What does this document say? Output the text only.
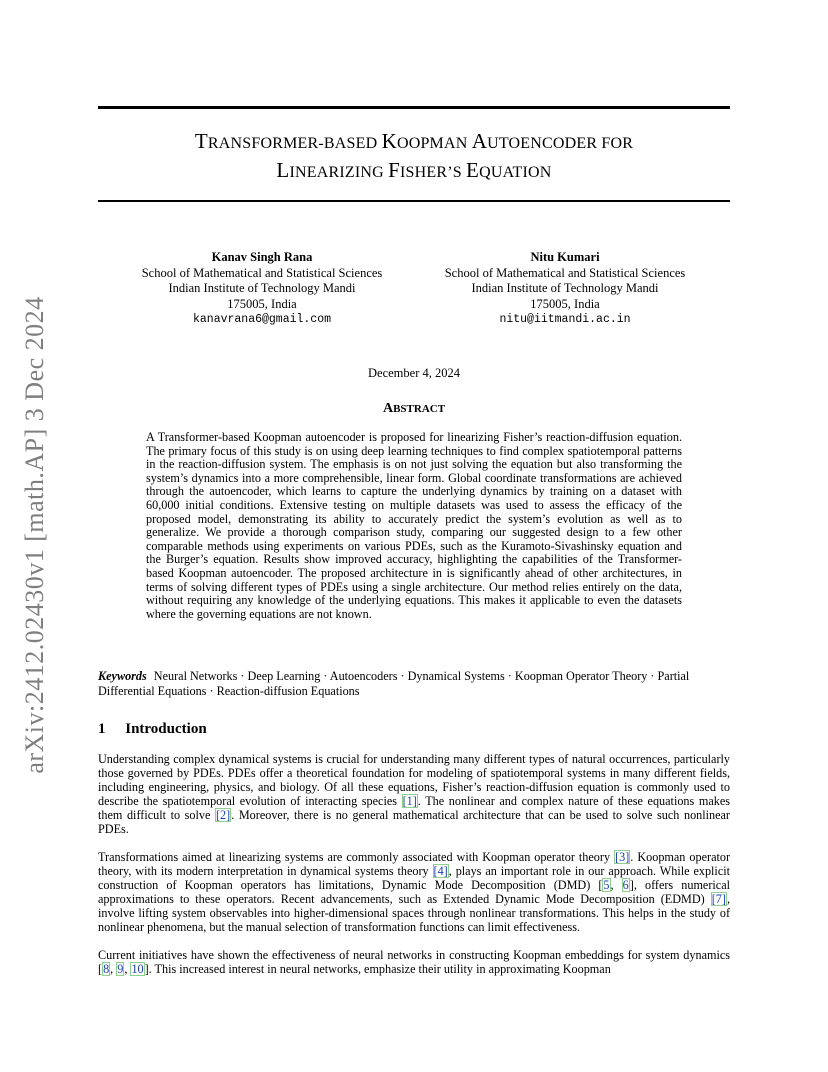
arXiv:2412.02430v1 [math.AP] 3 Dec 2024
TRANSFORMER-BASED KOOPMAN AUTOENCODER FOR
LINEARIZING FISHER’S EQUATION
Kanav Singh Rana
School of Mathematical and Statistical Sciences
Indian Institute of Technology Mandi
175005, India
kanavrana6@gmail.com
Nitu Kumari
School of Mathematical and Statistical Sciences
Indian Institute of Technology Mandi
175005, India
nitu@iitmandi.ac.in
December 4, 2024
ABSTRACT
A Transformer-based Koopman autoencoder is proposed for linearizing Fisher’s reaction-diffusion equation. The primary focus of this study is on using deep learning techniques to find complex spatiotemporal patterns in the reaction-diffusion system. The emphasis is on not just solving the equation but also transforming the system’s dynamics into a more comprehensible, linear form. Global coordinate transformations are achieved through the autoencoder, which learns to capture the underlying dynamics by training on a dataset with 60,000 initial conditions. Extensive testing on multiple datasets was used to assess the efficacy of the proposed model, demonstrating its ability to accurately predict the system’s evolution as well as to generalize. We provide a thorough comparison study, comparing our suggested design to a few other comparable methods using experiments on various PDEs, such as the Kuramoto-Sivashinsky equation and the Burger’s equation. Results show improved accuracy, highlighting the capabilities of the Transformer-based Koopman autoencoder. The proposed architecture in is significantly ahead of other architectures, in terms of solving different types of PDEs using a single architecture. Our method relies entirely on the data, without requiring any knowledge of the underlying equations. This makes it applicable to even the datasets where the governing equations are not known.
Keywords Neural Networks · Deep Learning · Autoencoders · Dynamical Systems · Koopman Operator Theory · Partial Differential Equations · Reaction-diffusion Equations
1 Introduction
Understanding complex dynamical systems is crucial for understanding many different types of natural occurrences, particularly those governed by PDEs. PDEs offer a theoretical foundation for modeling of spatiotemporal systems in many different fields, including engineering, physics, and biology. Of all these equations, Fisher’s reaction-diffusion equation is commonly used to describe the spatiotemporal evolution of interacting species [1]. The nonlinear and complex nature of these equations makes them difficult to solve [2]. Moreover, there is no general mathematical architecture that can be used to solve such nonlinear PDEs.
Transformations aimed at linearizing systems are commonly associated with Koopman operator theory [3]. Koopman operator theory, with its modern interpretation in dynamical systems theory [4], plays an important role in our approach. While explicit construction of Koopman operators has limitations, Dynamic Mode Decomposition (DMD) [5, 6], offers numerical approximations to these operators. Recent advancements, such as Extended Dynamic Mode Decomposition (EDMD) [7], involve lifting system observables into higher-dimensional spaces through nonlinear transformations. This helps in the study of nonlinear phenomena, but the manual selection of transformation functions can limit effectiveness.
Current initiatives have shown the effectiveness of neural networks in constructing Koopman embeddings for system dynamics [8, 9, 10]. This increased interest in neural networks, emphasize their utility in approximating Koopman
